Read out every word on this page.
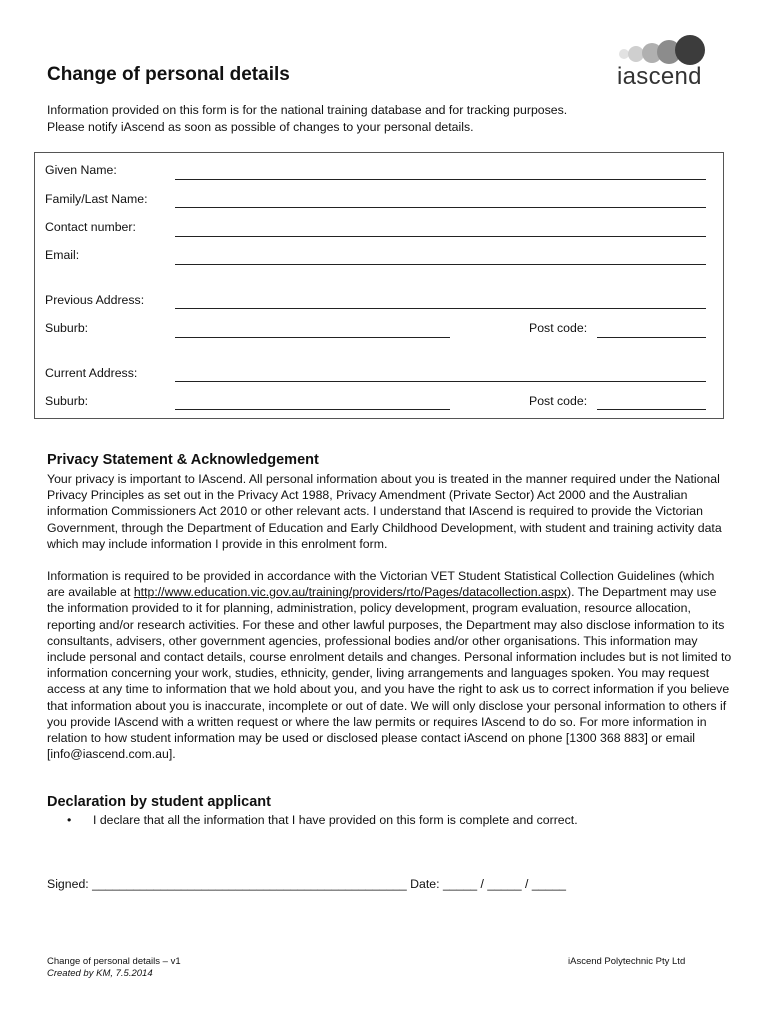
Change of personal details

Information provided on this form is for the national training database and for tracking purposes.

Please notify iAscend as soon as possible of changes to your personal details.

iascend
Given Name:
Family/Last Name:
Contact number:
Email:
Previous Address:
Suburb:	Post code:
Current Address:
Suburb:	Post code:
Privacy Statement & Acknowledgement

Your privacy is important to IAscend. All personal information about you is treated in the manner required under the National Privacy Principles as set out in the Privacy Act 1988, Privacy Amendment (Private Sector) Act 2000 and the Australian information Commissioners Act 2010 or other relevant acts. I understand that IAscend is required to provide the Victorian Government, through the Department of Education and Early Childhood Development, with student and training activity data which may include information I provide in this enrolment form.

Information is required to be provided in accordance with the Victorian VET Student Statistical Collection Guidelines (which are available at http://www.education.vic.gov.au/training/providers/rto/Pages/datacollection.aspx). The Department may use the information provided to it for planning, administration, policy development, program evaluation, resource allocation, reporting and/or research activities. For these and other lawful purposes, the Department may also disclose information to its consultants, advisers, other government agencies, professional bodies and/or other organisations. This information may include personal and contact details, course enrolment details and changes. Personal information includes but is not limited to information concerning your work, studies, ethnicity, gender, living arrangements and languages spoken. You may request access at any time to information that we hold about you, and you have the right to ask us to correct information if you believe that information about you is inaccurate, incomplete or out of date. We will only disclose your personal information to others if you provide IAscend with a written request or where the law permits or requires IAscend to do so. For more information in relation to how student information may be used or disclosed please contact iAscend on phone [1300 368 883] or email [info@iascend.com.au].

Declaration by student applicant
• I declare that all the information that I have provided on this form is complete and correct.
Signed: ______________________________________________ Date: _____ / _____ / _____
Change of personal details – v1
Created by KM, 7.5.2014
iAscend Polytechnic Pty Ltd
